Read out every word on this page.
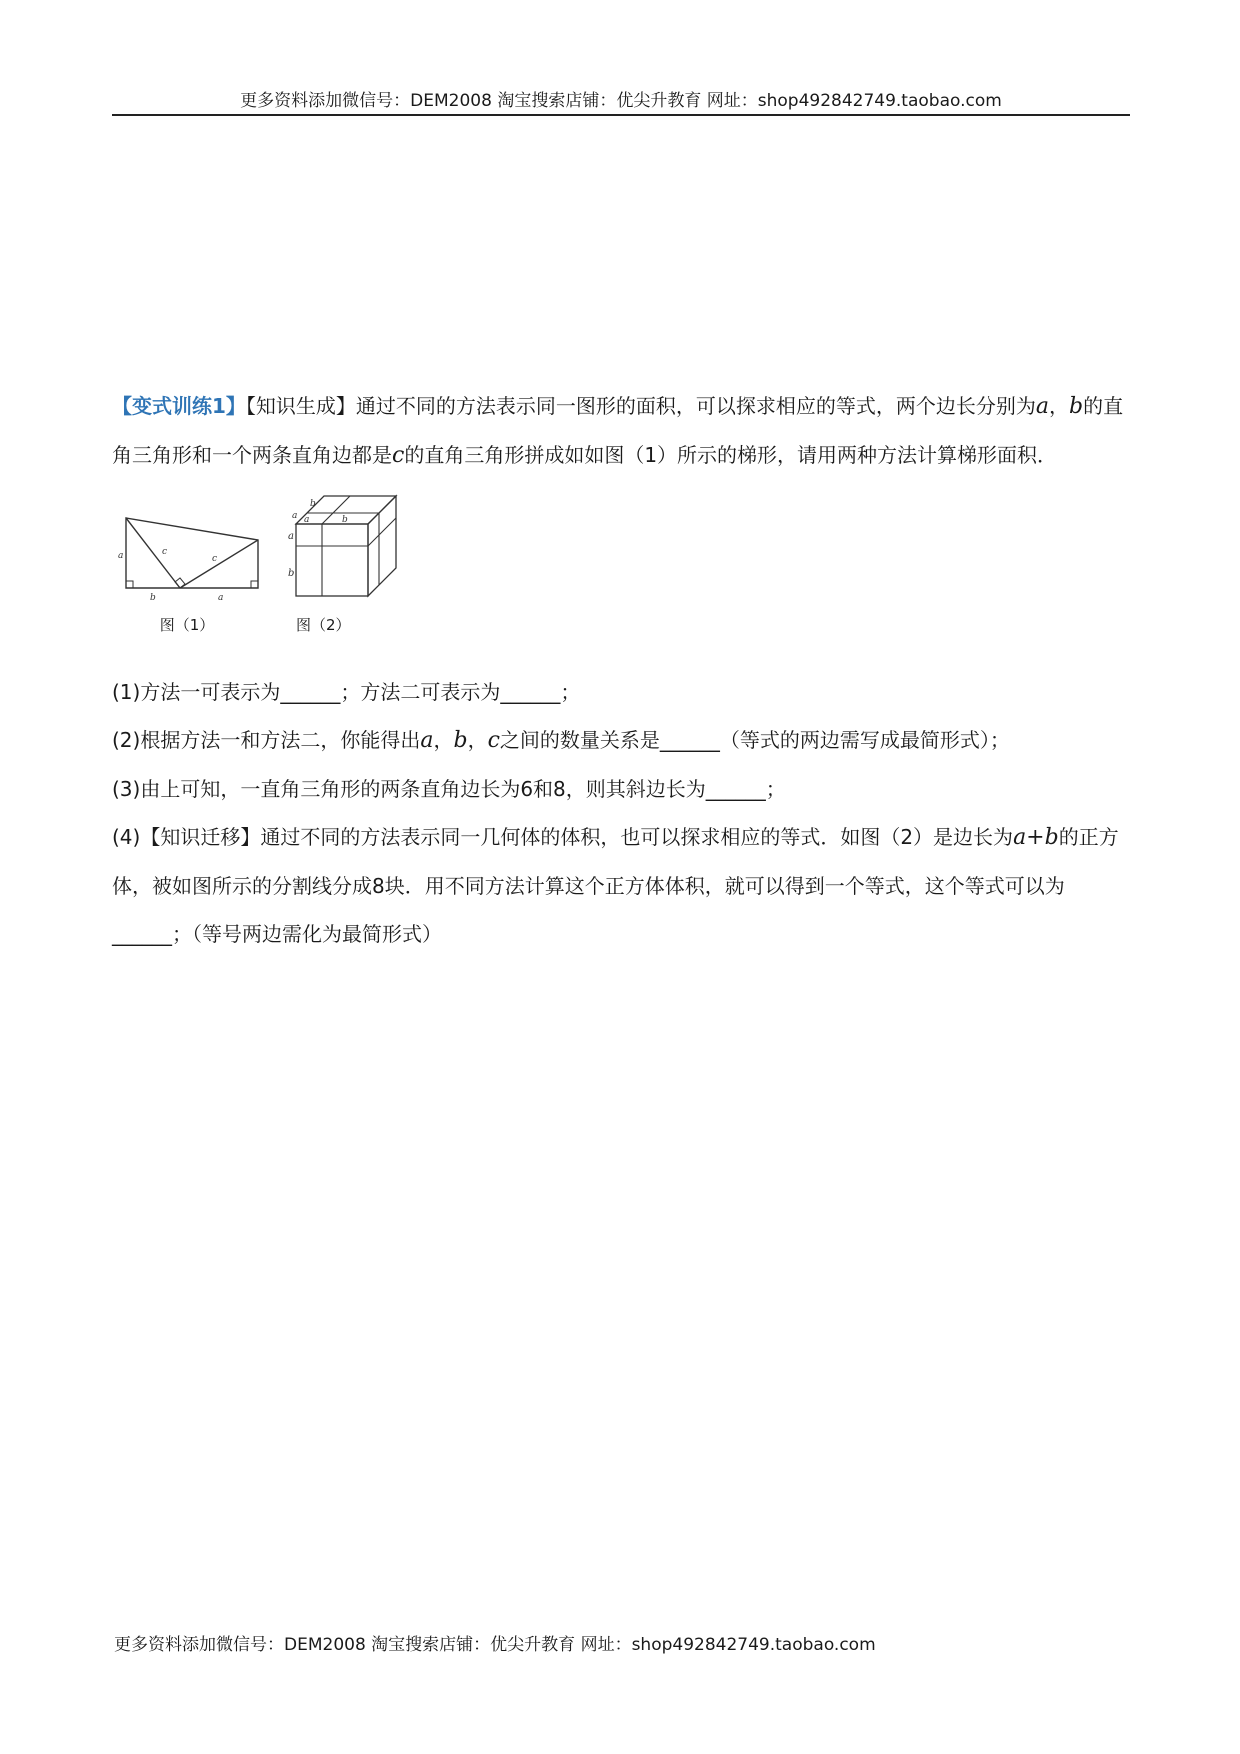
更多资料添加微信号：DEM2008 淘宝搜索店铺：优尖升教育 网址：shop492842749.taobao.com

【变式训练1】【知识生成】通过不同的方法表示同一图形的面积，可以探求相应的等式，两个边长分别为a，b的直角三角形和一个两条直角边都是c的直角三角形拼成如如图（1）所示的梯形，请用两种方法计算梯形面积．

a
b	a
c
c
图（1）
b
a a	b
a
b
图（2）

(1)方法一可表示为______；方法二可表示为______；

(2)根据方法一和方法二，你能得出a，b，c之间的数量关系是______（等式的两边需写成最简形式）；

(3)由上可知，一直角三角形的两条直角边长为6和8，则其斜边长为______；

(4)【知识迁移】通过不同的方法表示同一几何体的体积，也可以探求相应的等式．如图（2）是边长为a+b的正方体，被如图所示的分割线分成8块．用不同方法计算这个正方体体积，就可以得到一个等式，这个等式可以为______；（等号两边需化为最简形式）

更多资料添加微信号：DEM2008 淘宝搜索店铺：优尖升教育 网址：shop492842749.taobao.com
